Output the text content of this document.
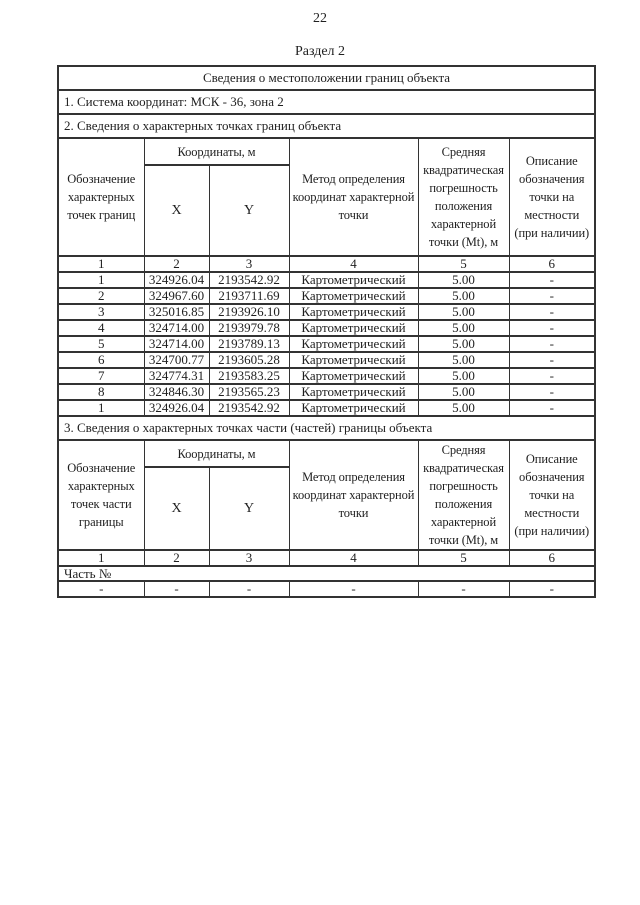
22
Раздел 2
Сведения о местоположении границ объекта					
1. Система координат: МСК - 36, зона 2					
2. Сведения о характерных точках границ объекта					
Обозначение характерных точек границ	Координаты, м		Метод определения координат характерной точки	Средняя квадратическая погрешность положения характерной точки (Mt), м	Описание обозначения точки на местности (при наличии)
	X	Y			
1	2	3	4	5	6
1	324926.04	2193542.92	Картометрический	5.00	-
2	324967.60	2193711.69	Картометрический	5.00	-
3	325016.85	2193926.10	Картометрический	5.00	-
4	324714.00	2193979.78	Картометрический	5.00	-
5	324714.00	2193789.13	Картометрический	5.00	-
6	324700.77	2193605.28	Картометрический	5.00	-
7	324774.31	2193583.25	Картометрический	5.00	-
8	324846.30	2193565.23	Картометрический	5.00	-
1	324926.04	2193542.92	Картометрический	5.00	-
3. Сведения о характерных точках части (частей) границы объекта					
Обозначение характерных точек части границы	Координаты, м		Метод определения координат характерной точки	Средняя квадратическая погрешность положения характерной точки (Mt), м	Описание обозначения точки на местности (при наличии)
	X	Y			
1	2	3	4	5	6
Часть №					
-	-	-	-	-	-
